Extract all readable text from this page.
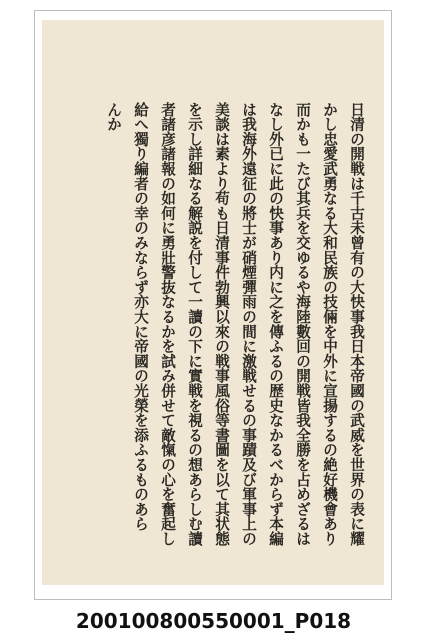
日清の開戦は千古未曾有の大快事我日本帝國の武威を世界の表に耀
かし忠愛武勇なる大和民族の技倆を中外に宣揚するの絶好機會あり
而かも一たび其兵を交ゆるや海陸數回の開戦皆我全勝を占めざるは
なし外已に此の快事あり内に之を傳ふるの歴史なかるべからず本編
は我海外遠征の將士が硝煙彈雨の間に激戦せるの事蹟及び軍事上の
美談は素より苟も日清事件勃興以來の戦事風俗等書圖を以て其状態
を示し詳細なる解説を付して一讀の下に實戦を視るの想あらしむ讀
者諸彦諸報の如何に勇壯警抜なるかを試み併せて敵愾の心を奮起し
給へ獨り編者の幸のみならず亦大に帝國の光榮を添ふるものあら
んか
200100800550001_P018
